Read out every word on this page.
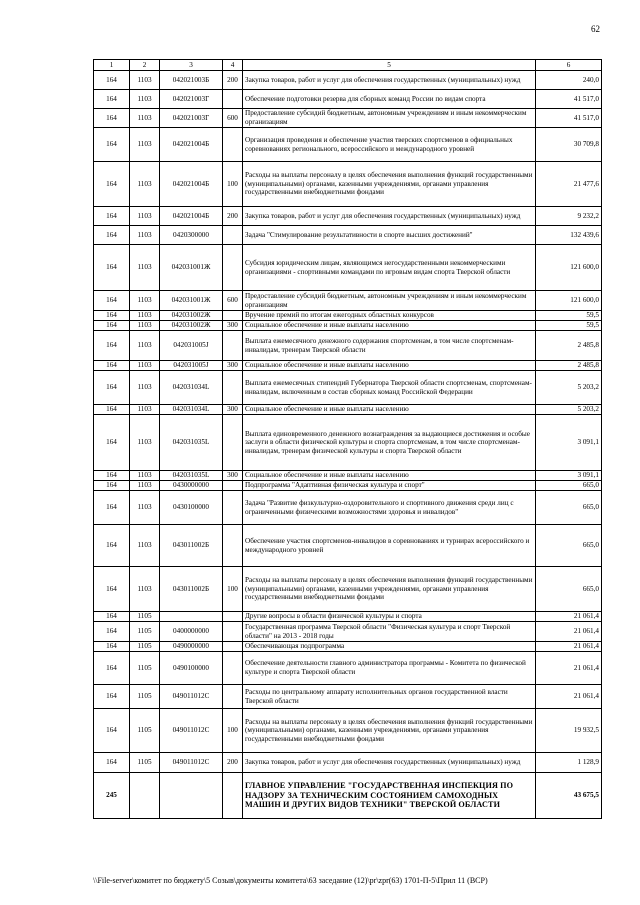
62
1	2	3	4	5	6
164	1103	042021003Б	200	Закупка товаров, работ и услуг для обеспечения государственных (муниципальных) нужд	240,0
164	1103	042021003Г		Обеспечение подготовки резерва для сборных команд России по видам спорта	41 517,0
164	1103	042021003Г	600	Предоставление субсидий бюджетным, автономным учреждениям и иным некоммерческим организациям	41 517,0
164	1103	042021004Б		Организация проведения и обеспечение участия тверских спортсменов в официальных соревнованиях регионального, всероссийского и международного уровней	30 709,8
164	1103	042021004Б	100	Расходы на выплаты персоналу в целях обеспечения выполнения функций государственными (муниципальными) органами, казенными учреждениями, органами управления государственными внебюджетными фондами	21 477,6
164	1103	042021004Б	200	Закупка товаров, работ и услуг для обеспечения государственных (муниципальных) нужд	9 232,2
164	1103	0420300000		Задача "Стимулирование результативности в спорте высших достижений"	132 439,6
164	1103	042031001Ж		Субсидия юридическим лицам, являющимся негосударственными некоммерческими организациями - спортивными командами по игровым видам спорта Тверской области	121 600,0
164	1103	042031001Ж	600	Предоставление субсидий бюджетным, автономным учреждениям и иным некоммерческим организациям	121 600,0
164	1103	042031002Ж		Вручение премий по итогам ежегодных областных конкурсов	59,5
164	1103	042031002Ж	300	Социальное обеспечение и иные выплаты населению	59,5
164	1103	042031005J		Выплата ежемесячного денежного содержания спортсменам, в том числе спортсменам-инвалидам, тренерам Тверской области	2 485,8
164	1103	042031005J	300	Социальное обеспечение и иные выплаты населению	2 485,8
164	1103	042031034L		Выплата ежемесячных стипендий Губернатора Тверской области спортсменам, спортсменам-инвалидам, включенным в состав сборных команд Российской Федерации	5 203,2
164	1103	042031034L	300	Социальное обеспечение и иные выплаты населению	5 203,2
164	1103	042031035L		Выплата единовременного денежного вознаграждения за выдающиеся достижения и особые заслуги в области физической культуры и спорта спортсменам, в том числе спортсменам-инвалидам, тренерам физической культуры и спорта Тверской области	3 091,1
164	1103	042031035L	300	Социальное обеспечение и иные выплаты населению	3 091,1
164	1103	0430000000		Подпрограмма "Адаптивная физическая культура и спорт"	665,0
164	1103	0430100000		Задача "Развитие физкультурно-оздоровительного и спортивного движения среди лиц с ограниченными физическими возможностями здоровья и инвалидов"	665,0
164	1103	043011002Б		Обеспечение участия спортсменов-инвалидов в соревнованиях и турнирах всероссийского и международного уровней	665,0
164	1103	043011002Б	100	Расходы на выплаты персоналу в целях обеспечения выполнения функций государственными (муниципальными) органами, казенными учреждениями, органами управления государственными внебюджетными фондами	665,0
164	1105			Другие вопросы в области физической культуры и спорта	21 061,4
164	1105	0400000000		Государственная программа Тверской области "Физическая культура и спорт Тверской области" на 2013 - 2018 годы	21 061,4
164	1105	0490000000		Обеспечивающая подпрограмма	21 061,4
164	1105	0490100000		Обеспечение деятельности главного администратора программы - Комитета по физической культуре и спорта Тверской области	21 061,4
164	1105	049011012С		Расходы по центральному аппарату исполнительных органов государственной власти Тверской области	21 061,4
164	1105	049011012С	100	Расходы на выплаты персоналу в целях обеспечения выполнения функций государственными (муниципальными) органами, казенными учреждениями, органами управления государственными внебюджетными фондами	19 932,5
164	1105	049011012С	200	Закупка товаров, работ и услуг для обеспечения государственных (муниципальных) нужд	1 128,9
245				ГЛАВНОЕ УПРАВЛЕНИЕ "ГОСУДАРСТВЕННАЯ ИНСПЕКЦИЯ ПО НАДЗОРУ ЗА ТЕХНИЧЕСКИМ СОСТОЯНИЕМ САМОХОДНЫХ МАШИН И ДРУГИХ ВИДОВ ТЕХНИКИ" ТВЕРСКОЙ ОБЛАСТИ	43 675,5
\\File-server\комитет по бюджету\5 Созыв\документы комитета\63 заседание (12)\pr\zpr(63) 1701-П-5\Прил 11 (ВСР)
